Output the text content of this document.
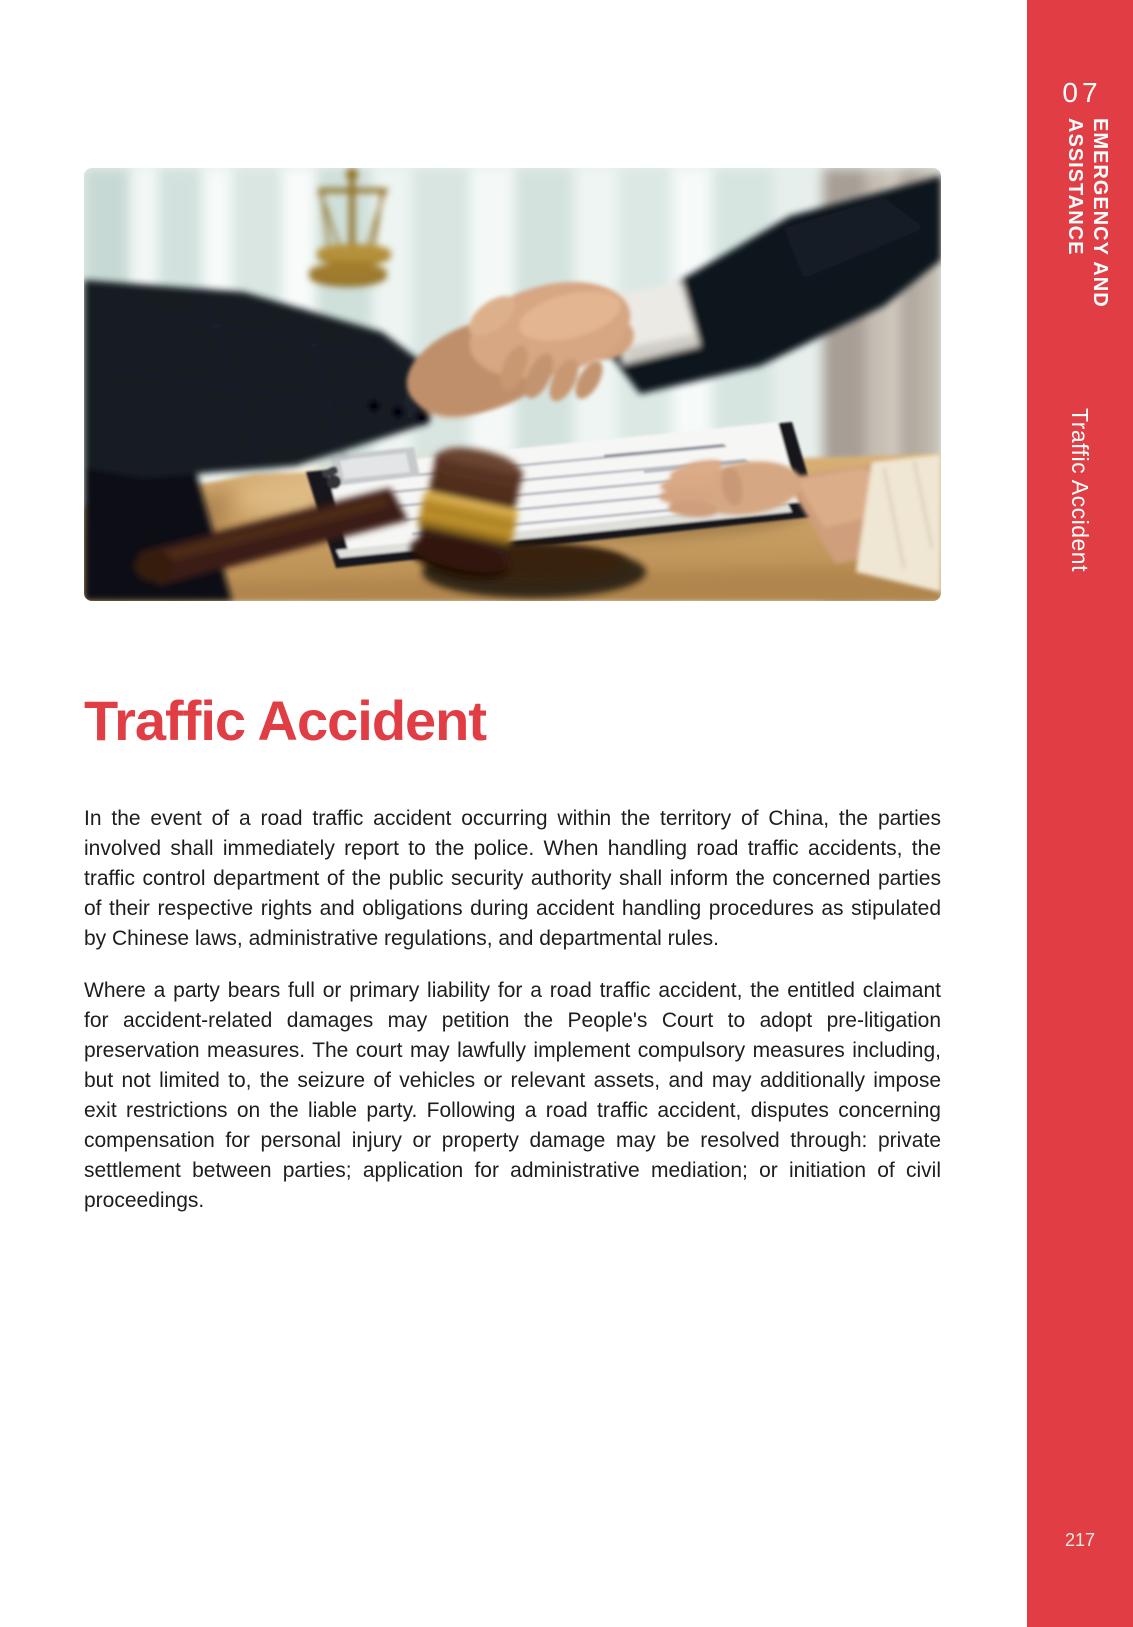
Traffic Accident

In the event of a road traffic accident occurring within the territory of China, the parties involved shall immediately report to the police. When handling road traffic accidents, the traffic control department of the public security authority shall inform the concerned parties of their respective rights and obligations during accident handling procedures as stipulated by Chinese laws, administrative regulations, and departmental rules.

Where a party bears full or primary liability for a road traffic accident, the entitled claimant for accident-related damages may petition the People's Court to adopt pre-litigation preservation measures. The court may lawfully implement compulsory measures including, but not limited to, the seizure of vehicles or relevant assets, and may additionally impose exit restrictions on the liable party. Following a road traffic accident, disputes concerning compensation for personal injury or property damage may be resolved through: private settlement between parties; application for administrative mediation; or initiation of civil proceedings.

07
EMERGENCY AND
ASSISTANCE
Traffic Accident
217
